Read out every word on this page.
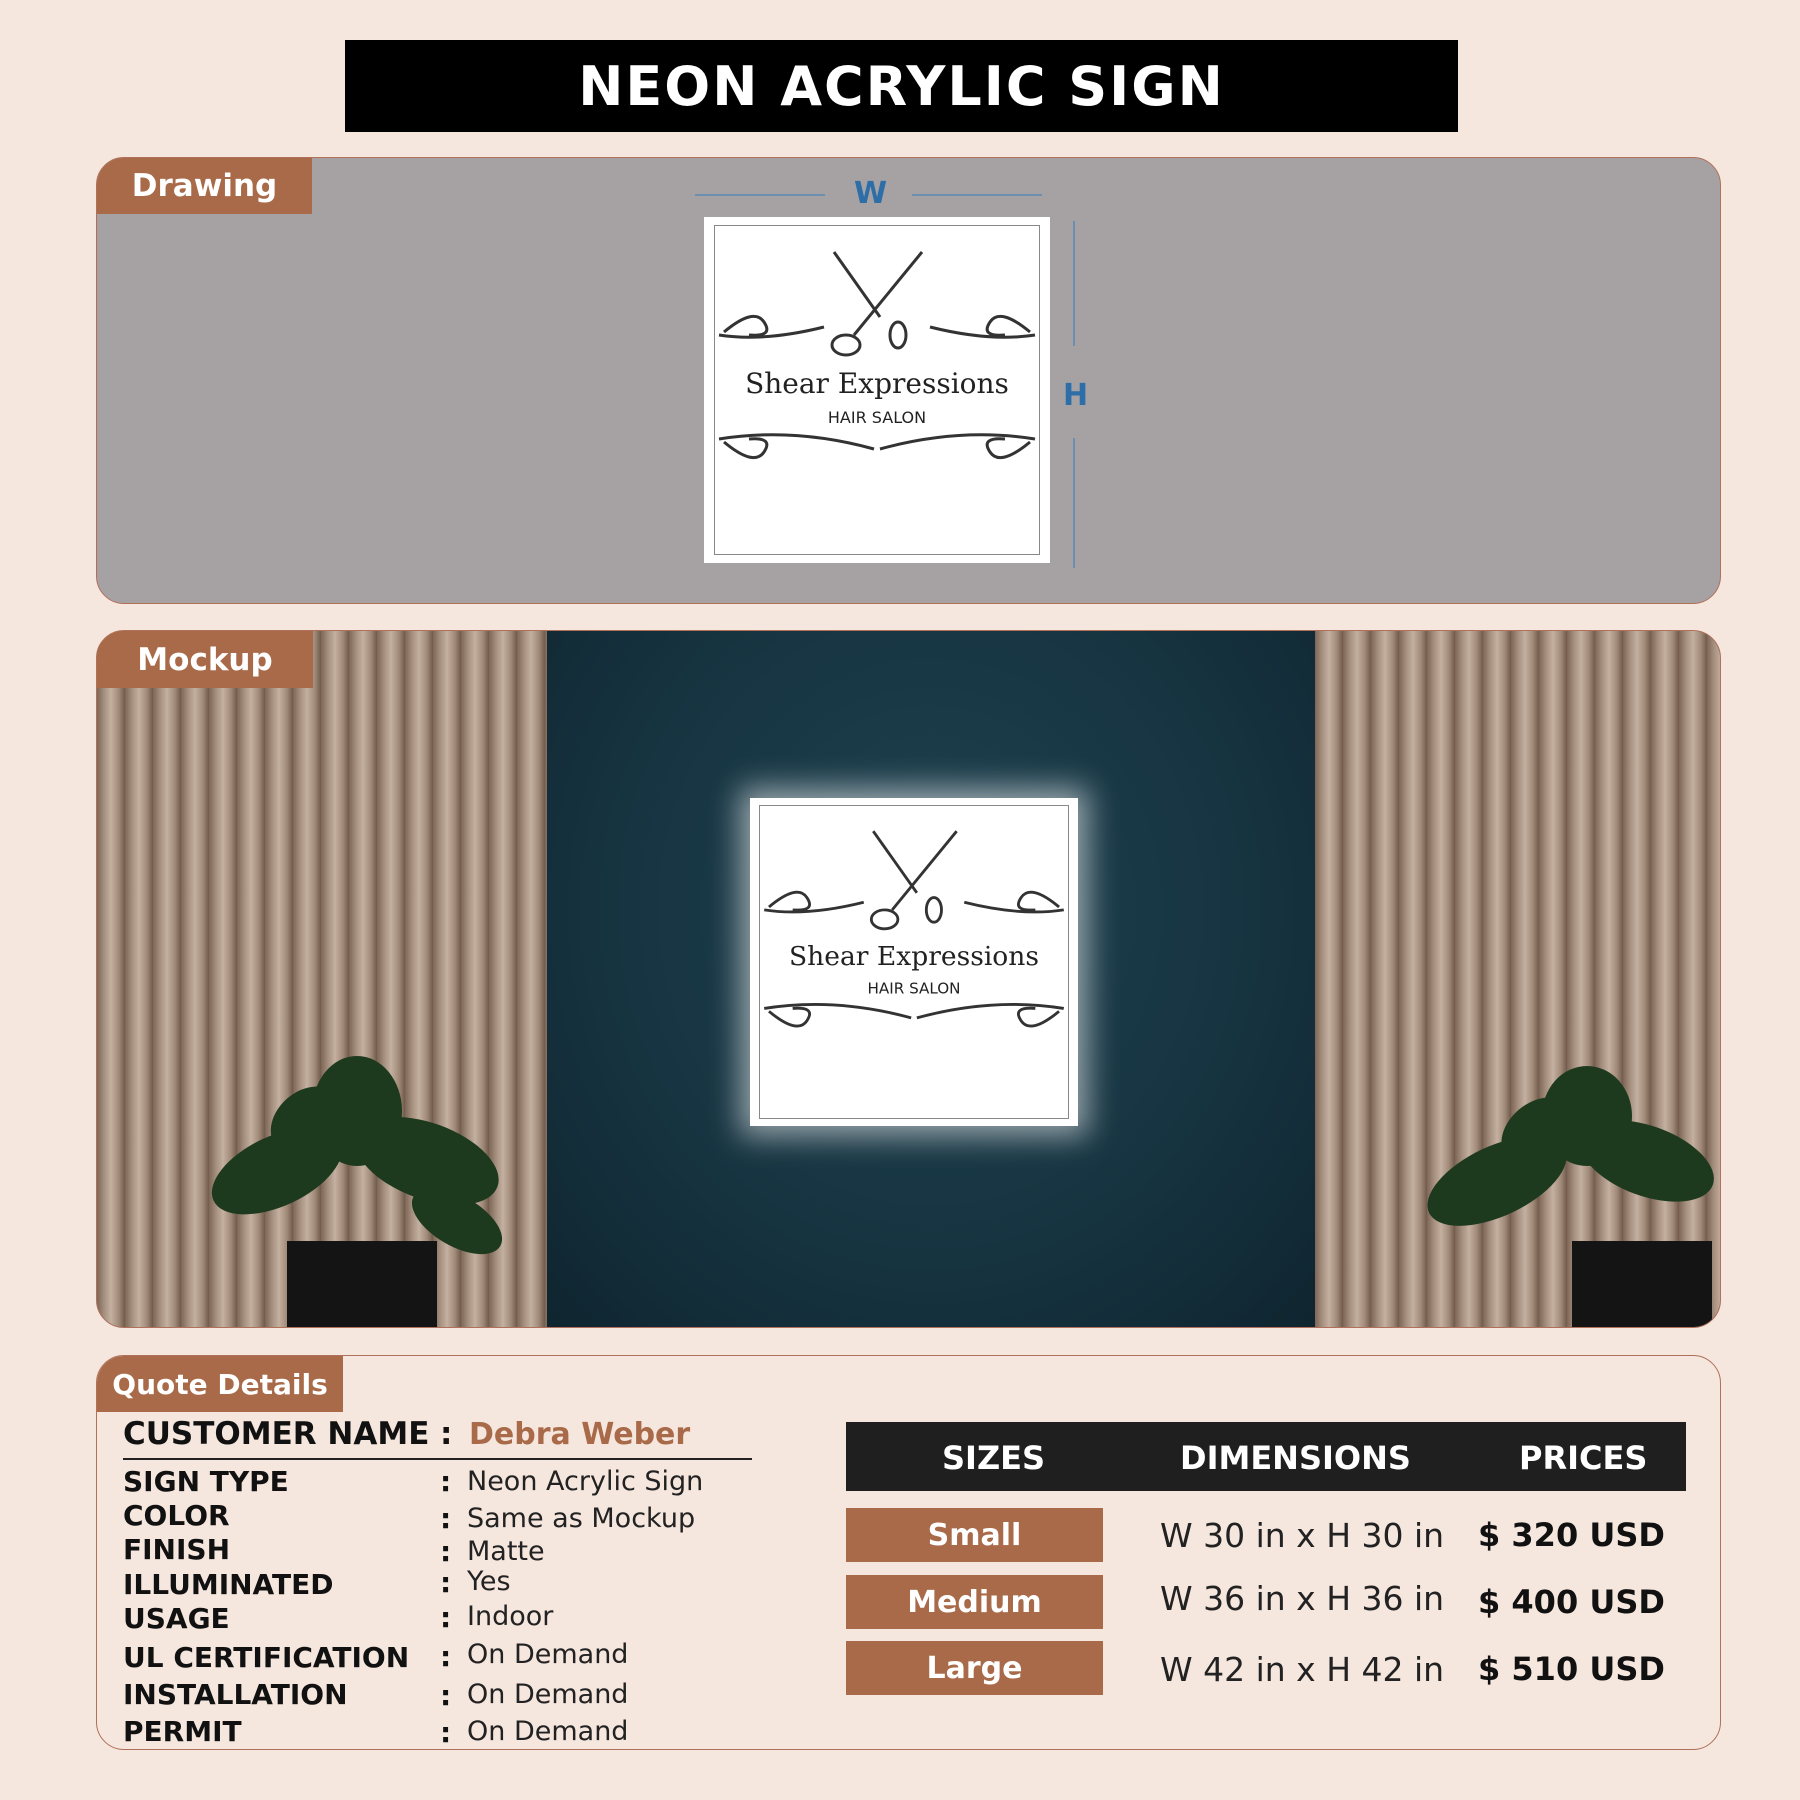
NEON ACRYLIC SIGN
Drawing	W
H
Shear Expressions
HAIR SALON
Mockup
Shear Expressions
HAIR SALON
Quote Details
CUSTOMER NAME : Debra Weber
SIGN TYPE	: Neon Acrylic Sign
COLOR	: Same as Mockup
FINISH	: Matte
ILLUMINATED	: Yes
USAGE	: Indoor
UL CERTIFICATION : On Demand
INSTALLATION	: On Demand
PERMIT	: On Demand
SIZES	DIMENSIONS	PRICES
Small	W 30 in x H 30 in $ 320 USD
Medium	W 36 in x H 36 in $ 400 USD
Large	W 42 in x H 42 in $ 510 USD
